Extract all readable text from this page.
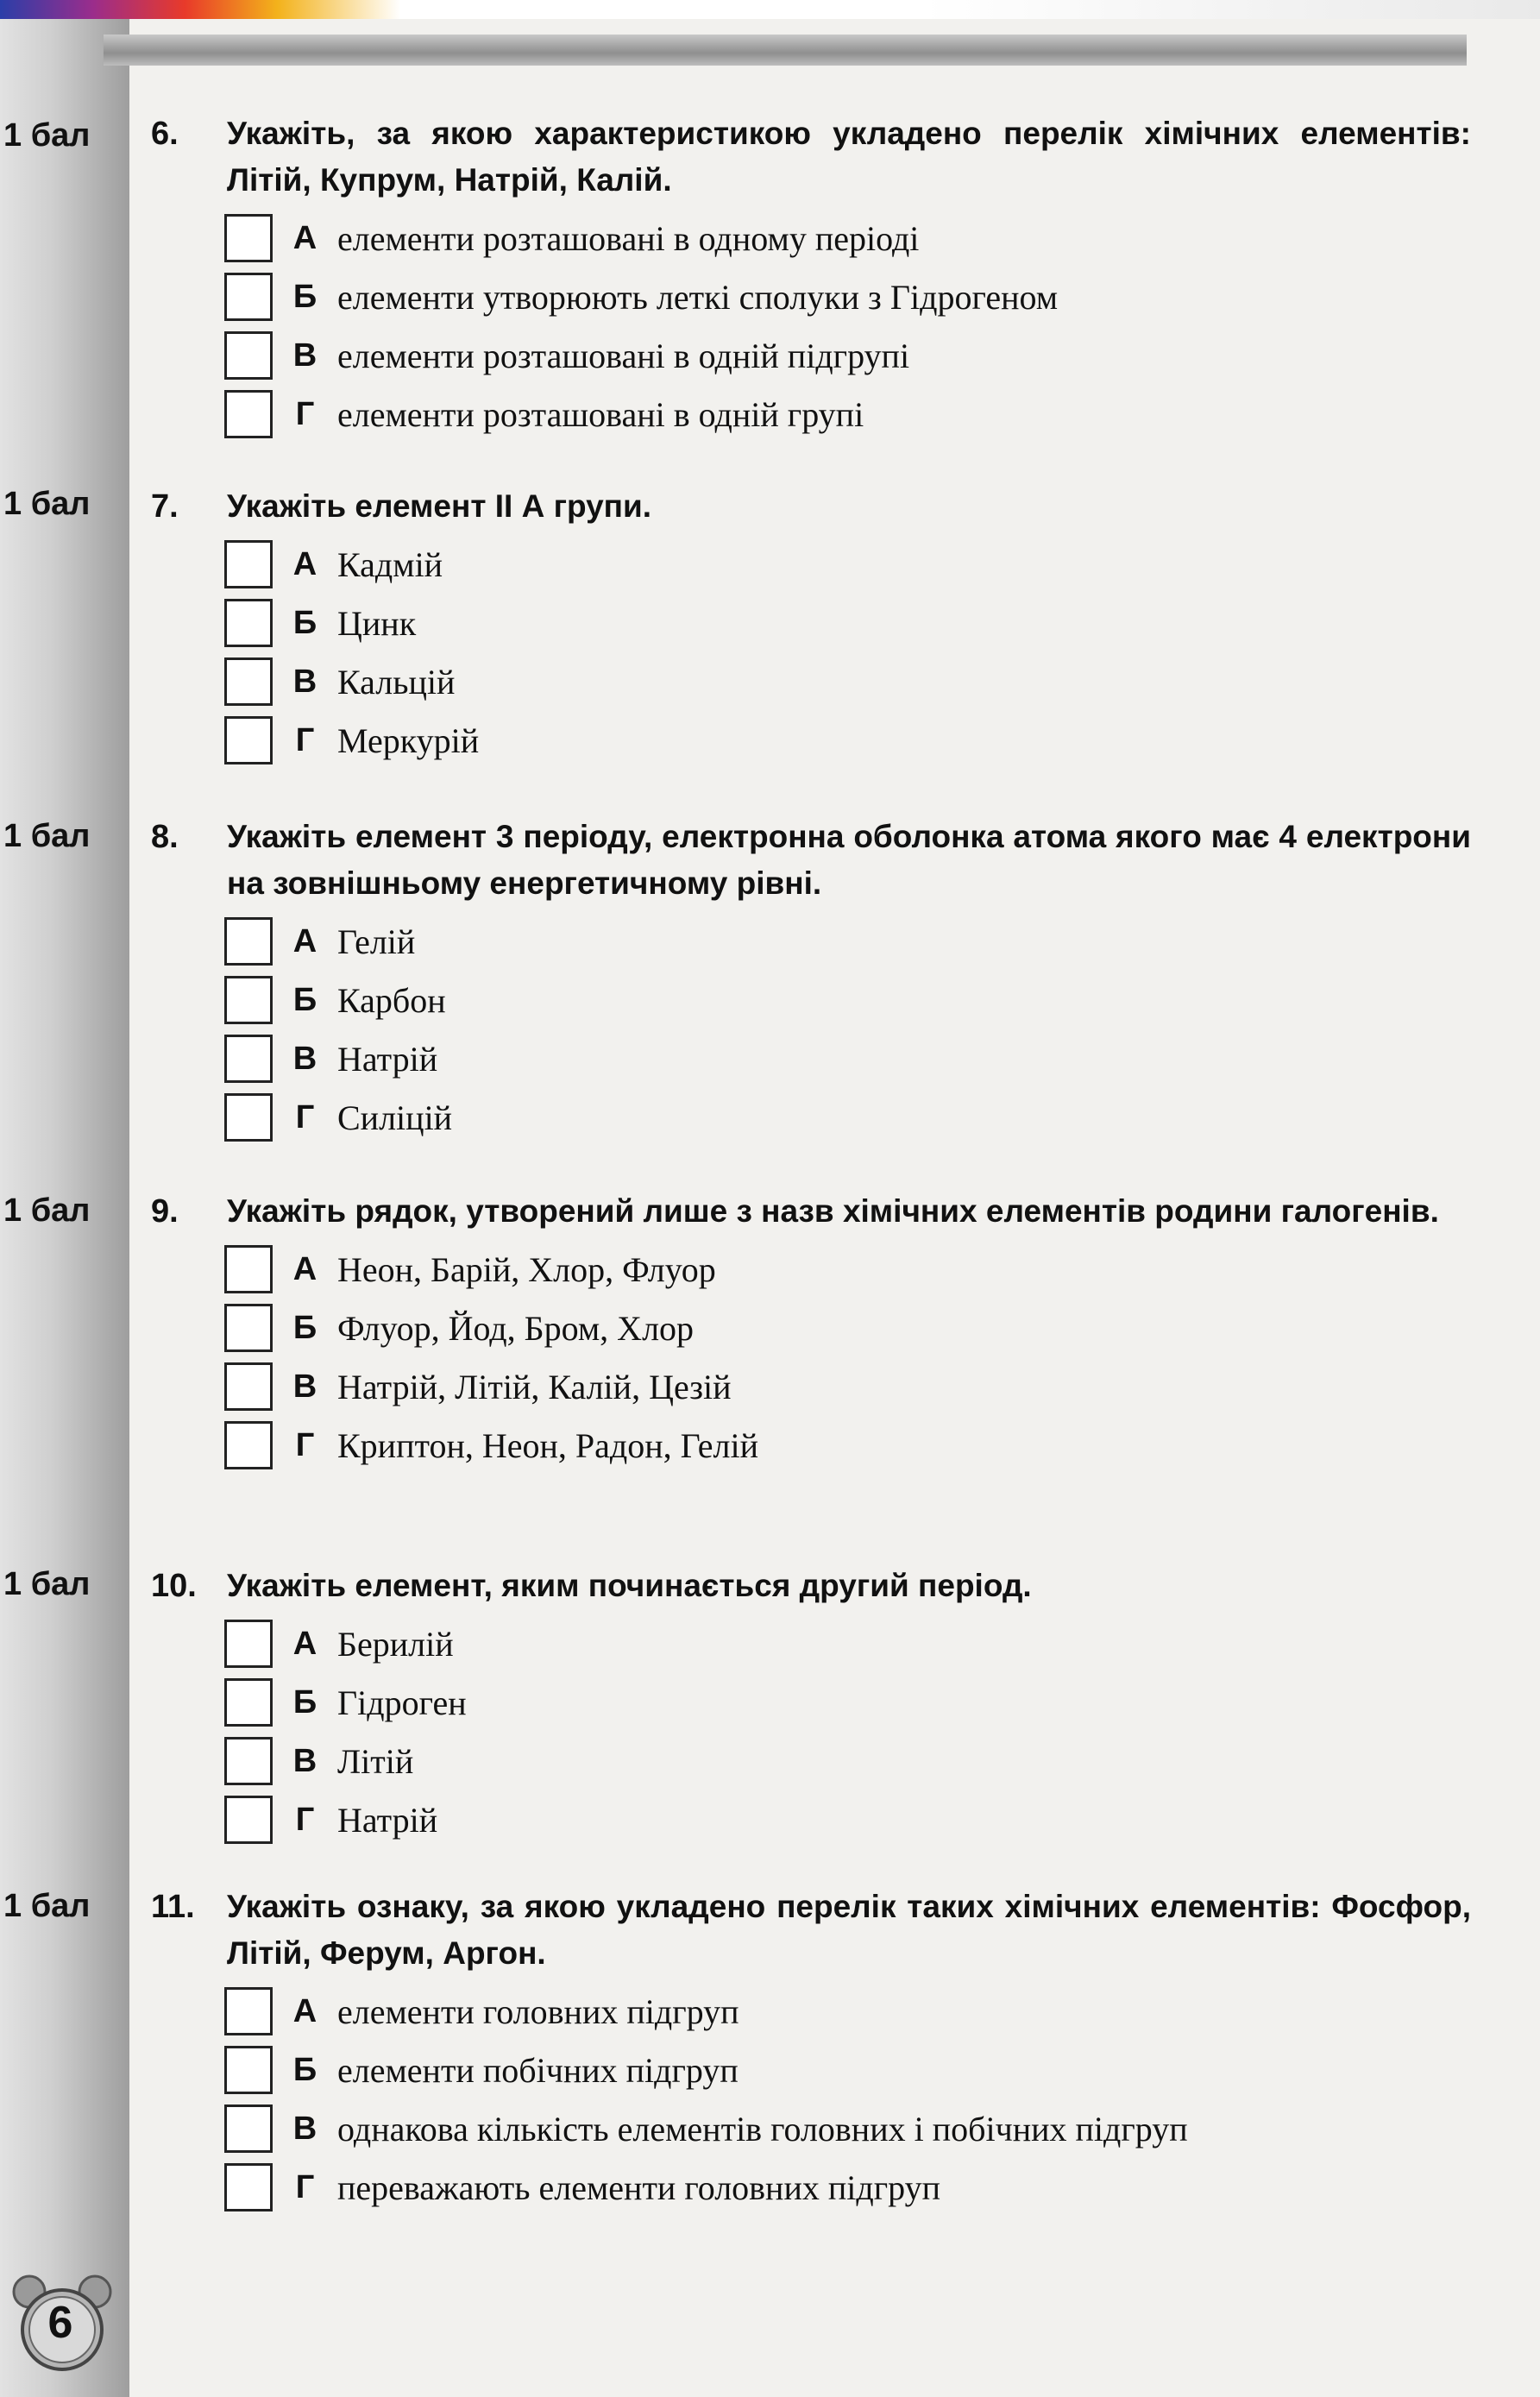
1 бал
1 бал
1 бал
1 бал
1 бал
1 бал
6.	Укажіть, за якою характеристикою укладено перелік хімічних елементів: Літій, Купрум, Натрій, Калій.
А елементи розташовані в одному періоді
Б елементи утворюють леткі сполуки з Гідрогеном
В елементи розташовані в одній підгрупі
Г елементи розташовані в одній групі
7.	Укажіть елемент II А групи.
А Кадмій
Б Цинк
В Кальцій
Г Меркурій
8.	Укажіть елемент 3 періоду, електронна оболонка атома якого має 4 електрони на зовнішньому енергетичному рівні.
А Гелій
Б Карбон
В Натрій
Г Силіцій
9.	Укажіть рядок, утворений лише з назв хімічних елементів родини галогенів.
А Неон, Барій, Хлор, Флуор
Б Флуор, Йод, Бром, Хлор
В Натрій, Літій, Калій, Цезій
Г Криптон, Неон, Радон, Гелій
10. Укажіть елемент, яким починається другий період.
А Берилій
Б Гідроген
В Літій
Г Натрій
11.	Укажіть ознаку, за якою укладено перелік таких хімічних елементів: Фосфор, Літій, Ферум, Аргон.
А елементи головних підгруп
Б елементи побічних підгруп
В однакова кількість елементів головних і побічних підгруп
Г переважають елементи головних підгруп
6
